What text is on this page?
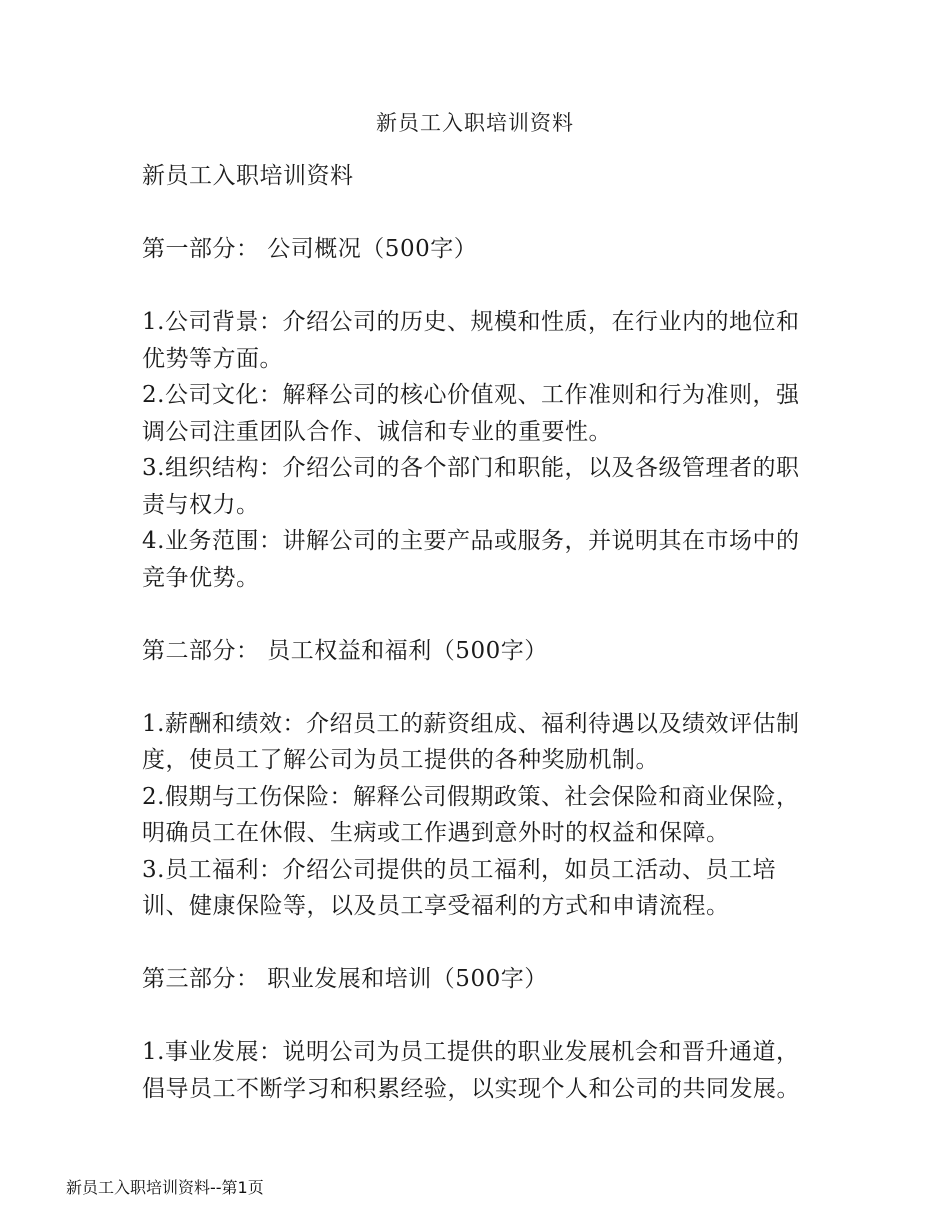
新员工入职培训资料

新员工入职培训资料

第一部分： 公司概况（500字）

1.公司背景：介绍公司的历史、规模和性质，在行业内的地位和优势等方面。

2.公司文化：解释公司的核心价值观、工作准则和行为准则，强调公司注重团队合作、诚信和专业的重要性。

3.组织结构：介绍公司的各个部门和职能，以及各级管理者的职责与权力。

4.业务范围：讲解公司的主要产品或服务，并说明其在市场中的竞争优势。

第二部分： 员工权益和福利（500字）

1.薪酬和绩效：介绍员工的薪资组成、福利待遇以及绩效评估制度，使员工了解公司为员工提供的各种奖励机制。

2.假期与工伤保险：解释公司假期政策、社会保险和商业保险，明确员工在休假、生病或工作遇到意外时的权益和保障。

3.员工福利：介绍公司提供的员工福利，如员工活动、员工培训、健康保险等，以及员工享受福利的方式和申请流程。

第三部分： 职业发展和培训（500字）

1.事业发展：说明公司为员工提供的职业发展机会和晋升通道，倡导员工不断学习和积累经验，以实现个人和公司的共同发展。

新员工入职培训资料--第1页
